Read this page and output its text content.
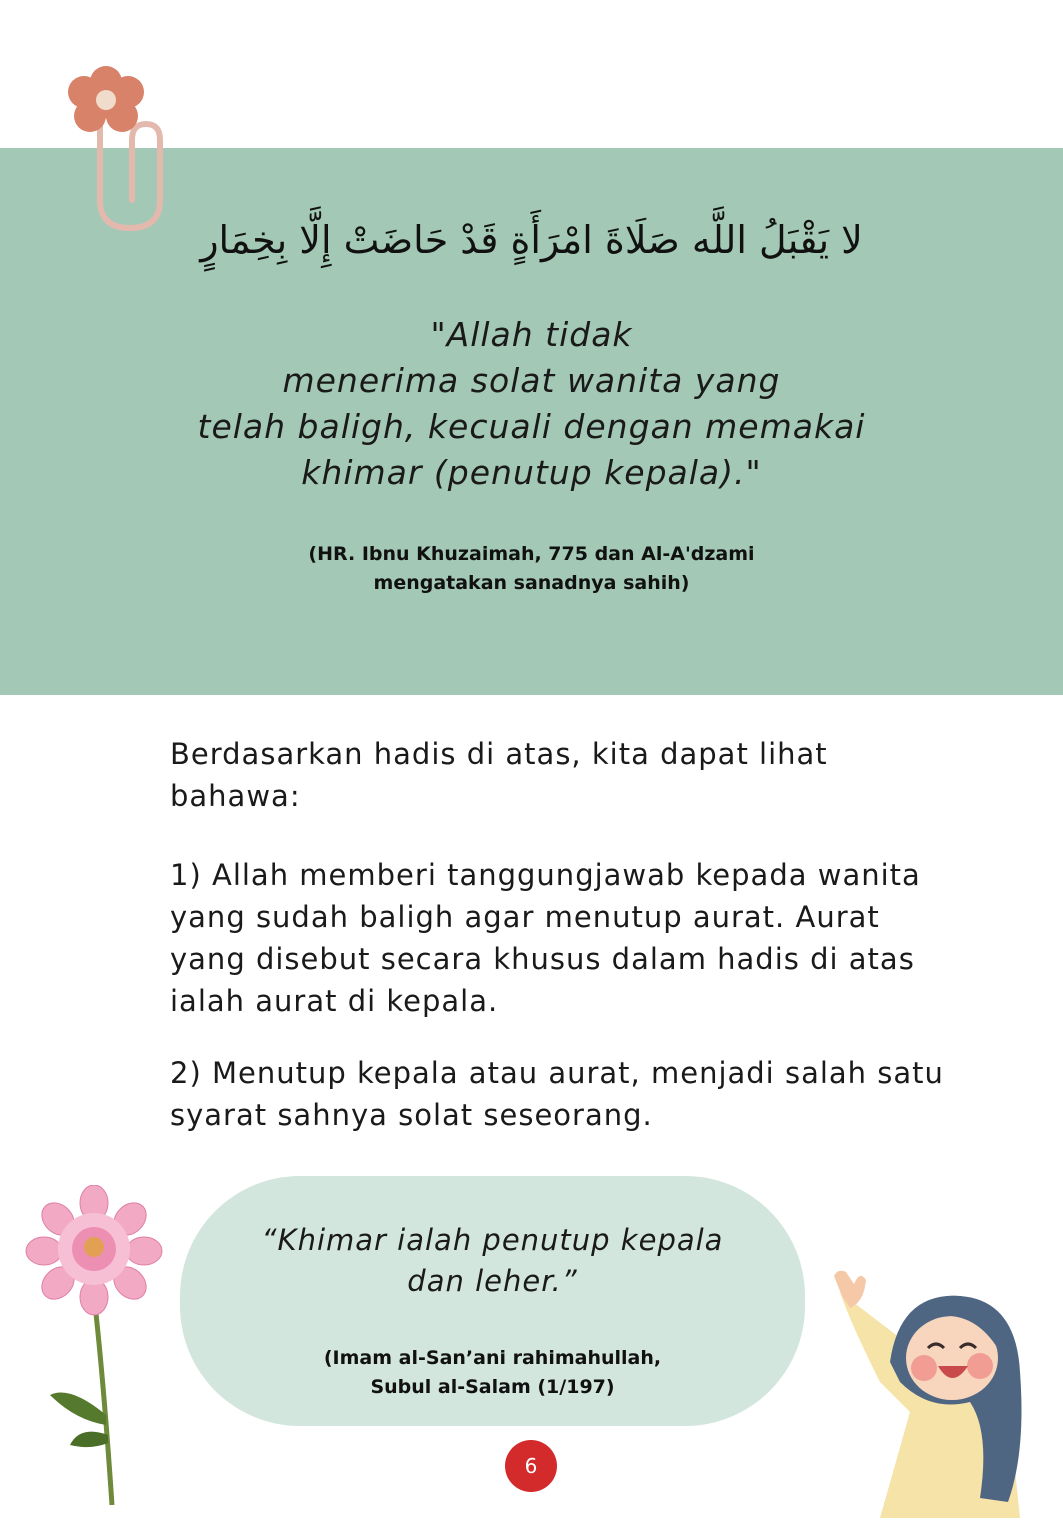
لا يَقْبَلُ اللَّه صَلَاةَ امْرَأَةٍ قَدْ حَاضَتْ إِلَّا بِخِمَارٍ
"Allah tidak
menerima solat wanita yang
telah baligh, kecuali dengan memakai
khimar (penutup kepala)."
(HR. Ibnu Khuzaimah, 775 dan Al-A'dzami
mengatakan sanadnya sahih)
Berdasarkan hadis di atas, kita dapat lihat
bahawa:
1) Allah memberi tanggungjawab kepada wanita
yang sudah baligh agar menutup aurat. Aurat
yang disebut secara khusus dalam hadis di atas
ialah aurat di kepala.
2) Menutup kepala atau aurat, menjadi salah satu
syarat sahnya solat seseorang.
“Khimar ialah penutup kepala
dan leher.”
(Imam al-San’ani rahimahullah,
Subul al-Salam (1/197)
6
